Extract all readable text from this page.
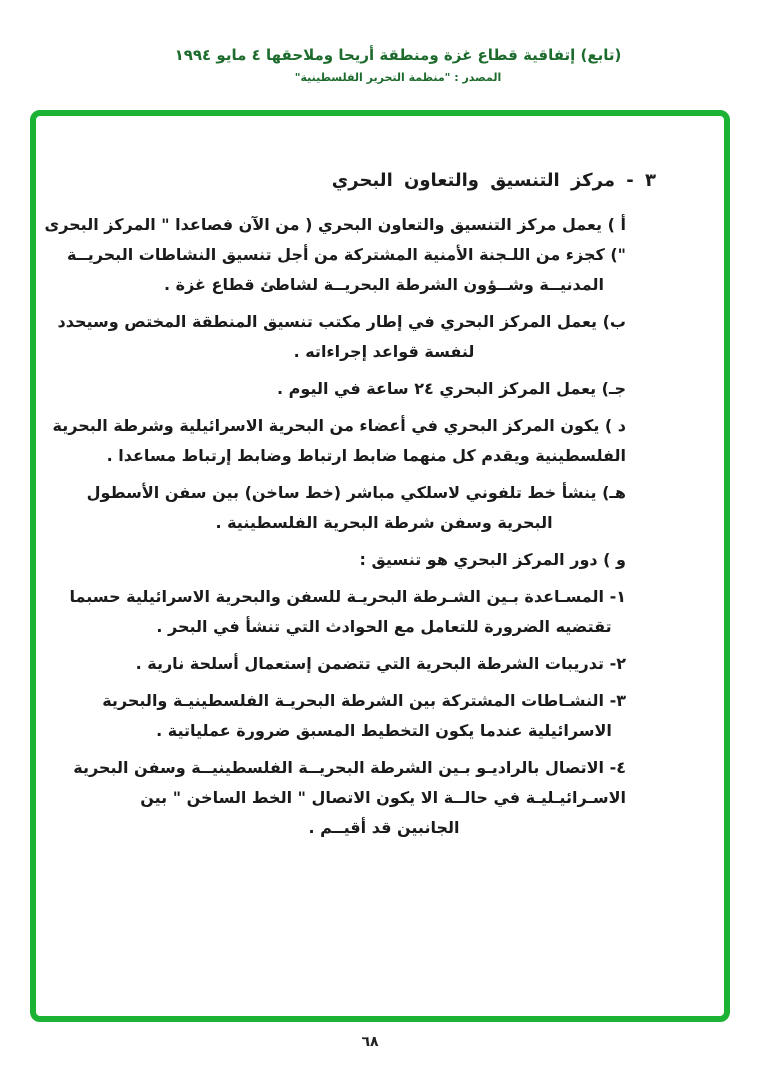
(تابع) إتفاقية قطاع غزة ومنطقة أريحا وملاحقها ٤ مايو ١٩٩٤
المصدر : "منظمة التحرير الفلسطينية"
٣ - مركز التنسيق والتعاون البحري
أ ) يعمل مركز التنسيق والتعاون البحري ( من الآن فصاعدا " المركز البحرى
") كجزء من اللـجنة الأمنية المشتركة من أجل تنسيق النشاطات البحريــة
المدنيــة وشــؤون الشرطة البحريــة لشاطئ قطاع غزة .
ب) يعمل المركز البحري في إطار مكتب تنسيق المنطقة المختص وسيحدد
لنفسة قواعد إجراءاته .
جـ) يعمل المركز البحري ٢٤ ساعة في اليوم .
د ) يكون المركز البحري في أعضاء من البحرية الاسرائيلية وشرطة البحرية
الفلسطينية ويقدم كل منهما ضابط ارتباط وضابط إرتباط مساعدا .
هـ) ينشأ خط تلفوني لاسلكي مباشر (خط ساخن) بين سفن الأسطول
البحرية وسفن شرطة البحرية الفلسطينية .
و ) دور المركز البحري هو تنسيق :
١- المسـاعدة بـين الشـرطة البحريـة للسفن والبحرية الاسرائيلية حسبما
تقتضيه الضرورة للتعامل مع الحوادث التي تنشأ في البحر .
٢- تدريبات الشرطة البحرية التي تتضمن إستعمال أسلحة نارية .
٣- النشـاطات المشتركة بين الشرطة البحريـة الفلسطينيـة والبحرية
الاسرائيلية عندما يكون التخطيط المسبق ضرورة عملياتية .
٤- الاتصال بالراديـو بـين الشرطة البحريــة الفلسطينيــة وسفن البحرية
الاسـرائيـليـة في حالــة الا يكون الاتصال " الخط الساخن " بين
الجانبين قد أقيــم .
٦٨
